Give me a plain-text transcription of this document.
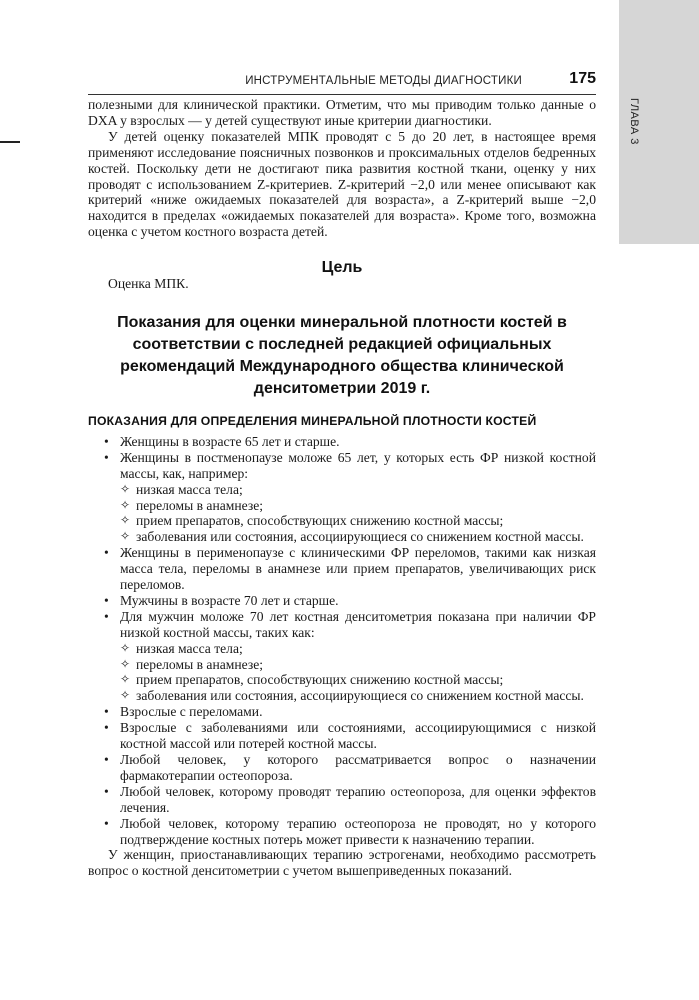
ГЛАВА 3
ИНСТРУМЕНТАЛЬНЫЕ МЕТОДЫ ДИАГНОСТИКИ	175

полезными для клинической практики. Отметим, что мы приводим только данные о DXA у взрослых — у детей существуют иные критерии диагностики.

У детей оценку показателей МПК проводят с 5 до 20 лет, в настоящее время применяют исследование поясничных позвонков и проксимальных отделов бедренных костей. Поскольку дети не достигают пика развития костной ткани, оценку у них проводят с использованием Z-критериев. Z-критерий −2,0 или менее описывают как критерий «ниже ожидаемых показателей для возраста», а Z-критерий выше −2,0 находится в пределах «ожидаемых показателей для возраста». Кроме того, возможна оценка с учетом костного возраста детей.

Цель

Оценка МПК.

Показания для оценки минеральной плотности костей в соответствии с последней редакцией официальных рекомендаций Международного общества клинической денситометрии 2019 г.
ПОКАЗАНИЯ ДЛЯ ОПРЕДЕЛЕНИЯ МИНЕРАЛЬНОЙ ПЛОТНОСТИ КОСТЕЙ
• Женщины в возрасте 65 лет и старше.
• Женщины в постменопаузе моложе 65 лет, у которых есть ФР низкой костной массы, как, например:
✧ низкая масса тела;
✧ переломы в анамнезе;
✧ прием препаратов, способствующих снижению костной массы;
✧ заболевания или состояния, ассоциирующиеся со снижением костной массы.
• Женщины в перименопаузе с клиническими ФР переломов, такими как низкая масса тела, переломы в анамнезе или прием препаратов, увеличивающих риск переломов.
• Мужчины в возрасте 70 лет и старше.
• Для мужчин моложе 70 лет костная денситометрия показана при наличии ФР низкой костной массы, таких как:
✧ низкая масса тела;
✧ переломы в анамнезе;
✧ прием препаратов, способствующих снижению костной массы;
✧ заболевания или состояния, ассоциирующиеся со снижением костной массы.
• Взрослые с переломами.
• Взрослые с заболеваниями или состояниями, ассоциирующимися с низкой костной массой или потерей костной массы.
• Любой человек, у которого рассматривается вопрос о назначении фармакотерапии остеопороза.
• Любой человек, которому проводят терапию остеопороза, для оценки эффектов лечения.
• Любой человек, которому терапию остеопороза не проводят, но у которого подтверждение костных потерь может привести к назначению терапии.

У женщин, приостанавливающих терапию эстрогенами, необходимо рассмотреть вопрос о костной денситометрии с учетом вышеприведенных показаний.
